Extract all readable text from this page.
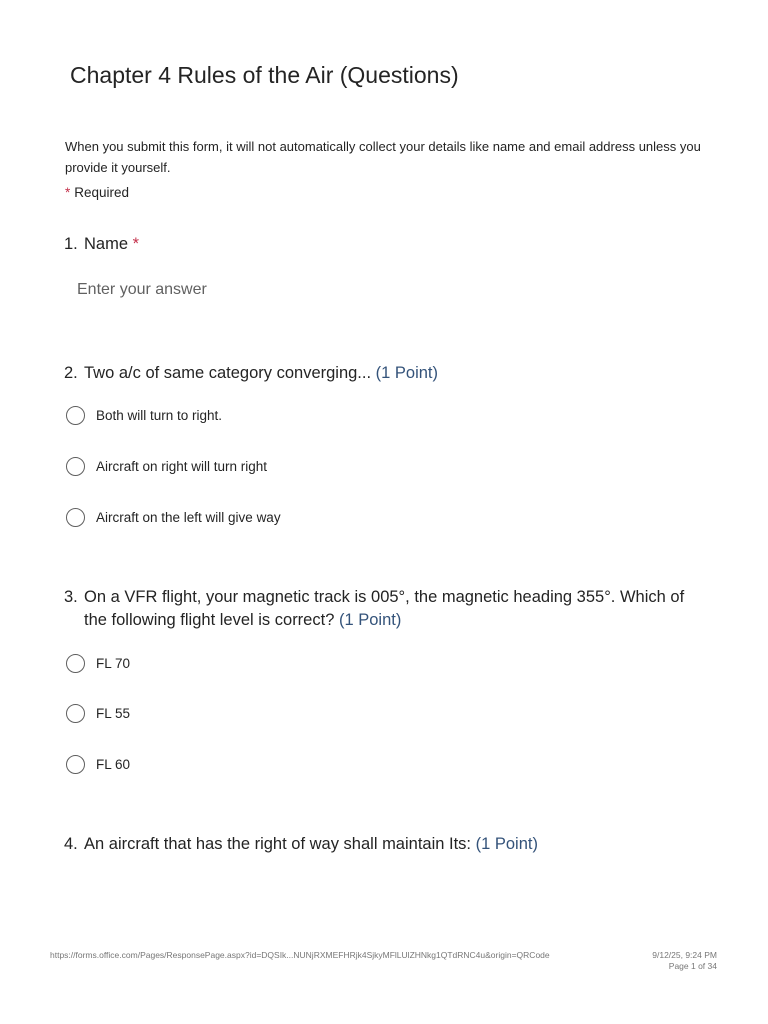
Chapter 4 Rules of the Air (Questions)
When you submit this form, it will not automatically collect your details like name and email address unless you provide it yourself.
* Required
1. Name *
Enter your answer
2. Two a/c of same category converging... (1 Point)
Both will turn to right.
Aircraft on right will turn right
Aircraft on the left will give way
3. On a VFR flight, your magnetic track is 005°, the magnetic heading 355°. Which of the following flight level is correct? (1 Point)
FL 70
FL 55
FL 60
4. An aircraft that has the right of way shall maintain Its: (1 Point)
https://forms.office.com/Pages/ResponsePage.aspx?id=DQSIk...NUNjRXMEFHRjk4SjkyMFlLUlZHNkg1QTdRNC4u&origin=QRCode	9/12/25, 9:24 PM
Page 1 of 34
